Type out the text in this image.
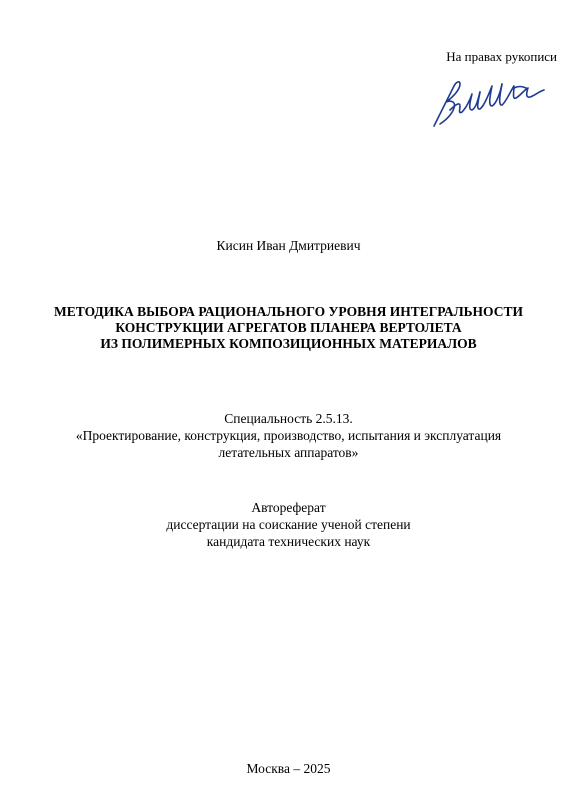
На правах рукописи
Кисин Иван Дмитриевич
МЕТОДИКА ВЫБОРА РАЦИОНАЛЬНОГО УРОВНЯ ИНТЕГРАЛЬНОСТИ
КОНСТРУКЦИИ АГРЕГАТОВ ПЛАНЕРА ВЕРТОЛЕТА
ИЗ ПОЛИМЕРНЫХ КОМПОЗИЦИОННЫХ МАТЕРИАЛОВ
Специальность 2.5.13.
«Проектирование, конструкция, производство, испытания и эксплуатация
летательных аппаратов»
Автореферат
диссертации на соискание ученой степени
кандидата технических наук
Москва – 2025
